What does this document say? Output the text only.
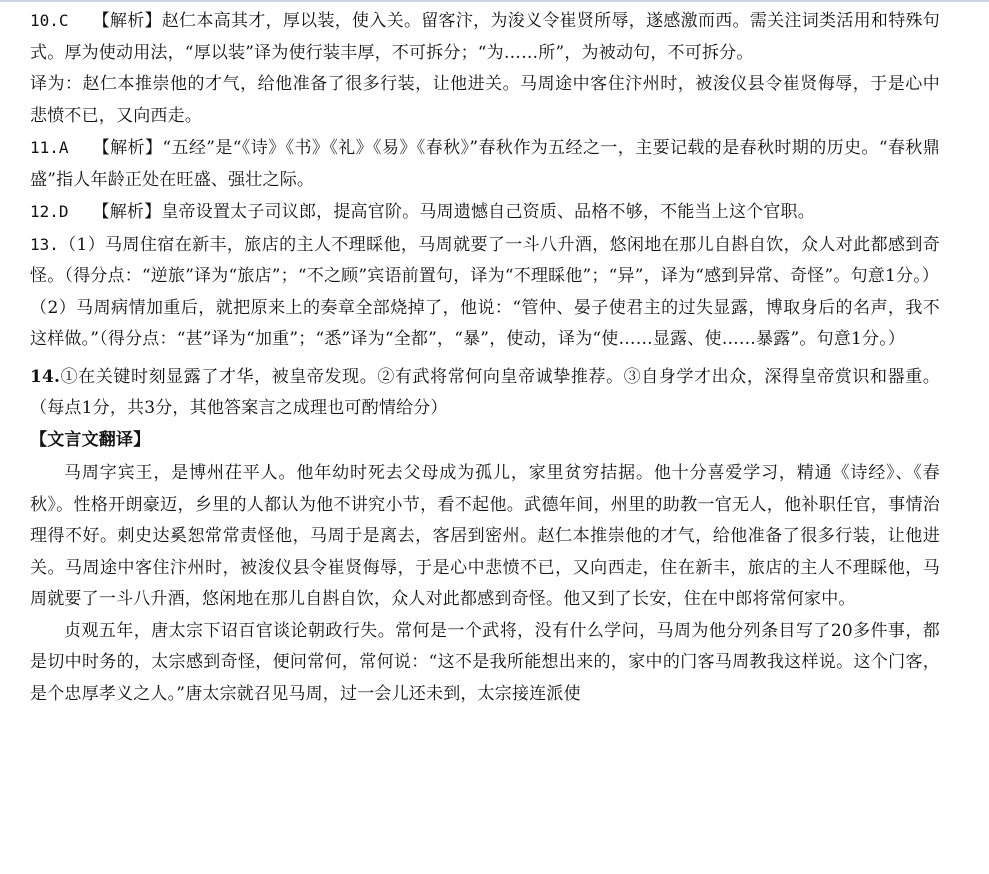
10.C 【解析】赵仁本高其才，厚以装，使入关。留客汴，为浚义令崔贤所辱，遂感激而西。需关注词类活用和特殊句式。厚为使动用法，“厚以装”译为使行装丰厚，不可拆分；“为……所”，为被动句，不可拆分。

译为：赵仁本推崇他的才气，给他准备了很多行装，让他进关。马周途中客住汴州时，被浚仪县令崔贤侮辱，于是心中悲愤不已，又向西走。

11.A 【解析】“五经”是“《诗》《书》《礼》《易》《春秋》”春秋作为五经之一，主要记载的是春秋时期的历史。“春秋鼎盛”指人年龄正处在旺盛、强壮之际。

12.D 【解析】皇帝设置太子司议郎，提高官阶。马周遗憾自己资质、品格不够，不能当上这个官职。

13.（1）马周住宿在新丰，旅店的主人不理睬他，马周就要了一斗八升酒，悠闲地在那儿自斟自饮，众人对此都感到奇怪。（得分点：“逆旅”译为“旅店”；“不之顾”宾语前置句，译为“不理睬他”；“异”，译为“感到异常、奇怪”。句意1分。）

（2）马周病情加重后，就把原来上的奏章全部烧掉了，他说：“管仲、晏子使君主的过失显露，博取身后的名声，我不这样做。”（得分点：“甚”译为“加重”；“悉”译为“全都”，“暴”，使动，译为“使……显露、使……暴露”。句意1分。）

14.①在关键时刻显露了才华，被皇帝发现。②有武将常何向皇帝诚挚推荐。③自身学才出众，深得皇帝赏识和器重。（每点1分，共3分，其他答案言之成理也可酌情给分）

【文言文翻译】

马周字宾王，是博州茌平人。他年幼时死去父母成为孤儿，家里贫穷拮据。他十分喜爱学习，精通《诗经》、《春秋》。性格开朗豪迈，乡里的人都认为他不讲究小节，看不起他。武德年间，州里的助教一官无人，他补职任官，事情治理得不好。刺史达奚恕常常责怪他，马周于是离去，客居到密州。赵仁本推崇他的才气，给他准备了很多行装，让他进关。马周途中客住汴州时，被浚仪县令崔贤侮辱，于是心中悲愤不已，又向西走，住在新丰，旅店的主人不理睬他，马周就要了一斗八升酒，悠闲地在那儿自斟自饮，众人对此都感到奇怪。他又到了长安，住在中郎将常何家中。

贞观五年，唐太宗下诏百官谈论朝政行失。常何是一个武将，没有什么学问，马周为他分列条目写了20多件事，都是切中时务的，太宗感到奇怪，便问常何，常何说：“这不是我所能想出来的，家中的门客马周教我这样说。这个门客，是个忠厚孝义之人。”唐太宗就召见马周，过一会儿还未到，太宗接连派使
